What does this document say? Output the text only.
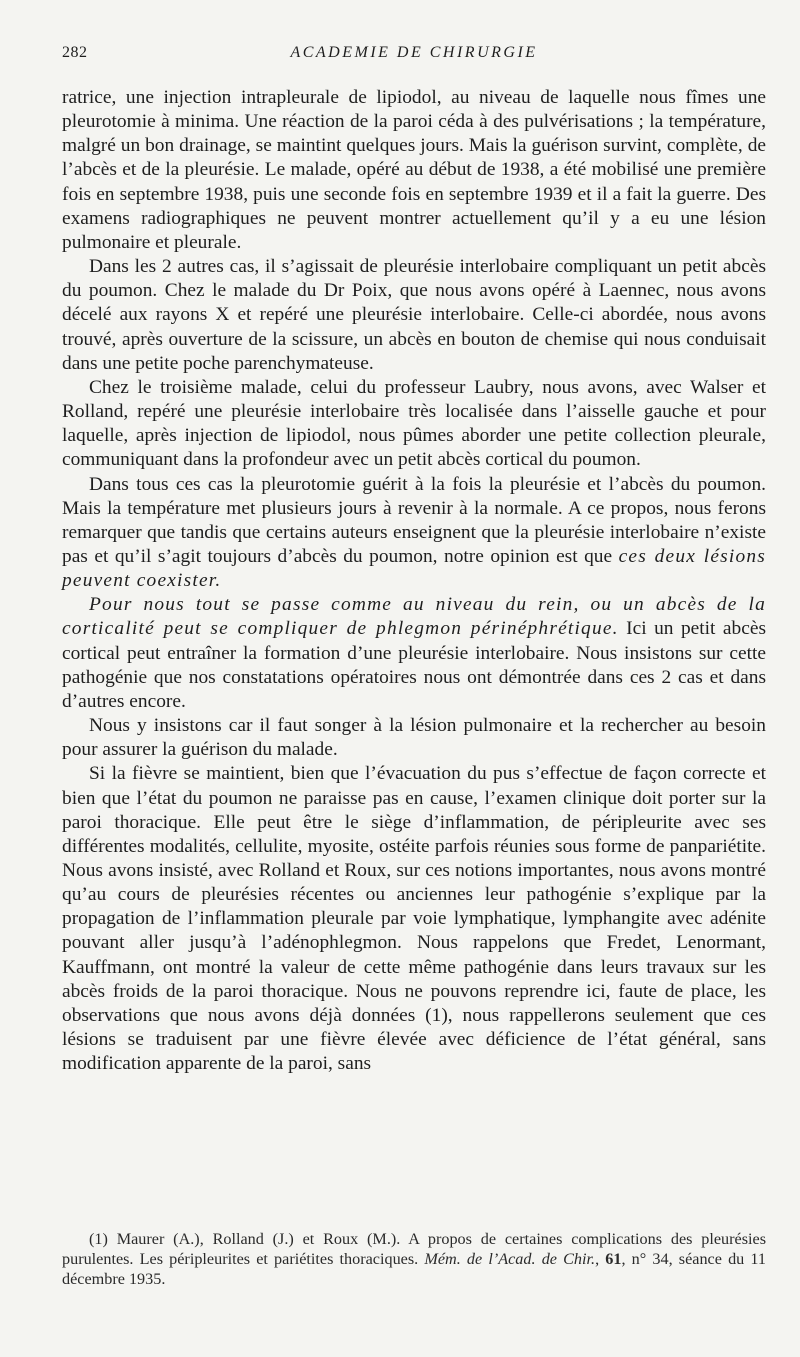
282	ACADEMIE DE CHIRURGIE

ratrice, une injection intrapleurale de lipiodol, au niveau de laquelle nous fîmes une pleurotomie à minima. Une réaction de la paroi céda à des pulvérisations ; la température, malgré un bon drainage, se maintint quelques jours. Mais la guérison survint, complète, de l’abcès et de la pleurésie. Le malade, opéré au début de 1938, a été mobilisé une première fois en septembre 1938, puis une seconde fois en septembre 1939 et il a fait la guerre. Des examens radiographiques ne peuvent montrer actuellement qu’il y a eu une lésion pulmonaire et pleurale.

Dans les 2 autres cas, il s’agissait de pleurésie interlobaire compliquant un petit abcès du poumon. Chez le malade du Dr Poix, que nous avons opéré à Laennec, nous avons décelé aux rayons X et repéré une pleurésie interlobaire. Celle-ci abordée, nous avons trouvé, après ouverture de la scissure, un abcès en bouton de chemise qui nous conduisait dans une petite poche parenchymateuse.

Chez le troisième malade, celui du professeur Laubry, nous avons, avec Walser et Rolland, repéré une pleurésie interlobaire très localisée dans l’aisselle gauche et pour laquelle, après injection de lipiodol, nous pûmes aborder une petite collection pleurale, communiquant dans la profondeur avec un petit abcès cortical du poumon.

Dans tous ces cas la pleurotomie guérit à la fois la pleurésie et l’abcès du poumon. Mais la température met plusieurs jours à revenir à la normale. A ce propos, nous ferons remarquer que tandis que certains auteurs enseignent que la pleurésie interlobaire n’existe pas et qu’il s’agit toujours d’abcès du poumon, notre opinion est que ces deux lésions peuvent coexister.

Pour nous tout se passe comme au niveau du rein, ou un abcès de la corticalité peut se compliquer de phlegmon périnéphrétique. Ici un petit abcès cortical peut entraîner la formation d’une pleurésie interlobaire. Nous insistons sur cette pathogénie que nos constatations opératoires nous ont démontrée dans ces 2 cas et dans d’autres encore.

Nous y insistons car il faut songer à la lésion pulmonaire et la rechercher au besoin pour assurer la guérison du malade.

Si la fièvre se maintient, bien que l’évacuation du pus s’effectue de façon correcte et bien que l’état du poumon ne paraisse pas en cause, l’examen clinique doit porter sur la paroi thoracique. Elle peut être le siège d’inflammation, de péripleurite avec ses différentes modalités, cellulite, myosite, ostéite parfois réunies sous forme de panpariétite. Nous avons insisté, avec Rolland et Roux, sur ces notions importantes, nous avons montré qu’au cours de pleurésies récentes ou anciennes leur pathogénie s’explique par la propagation de l’inflammation pleurale par voie lymphatique, lymphangite avec adénite pouvant aller jusqu’à l’adénophlegmon. Nous rappelons que Fredet, Lenormant, Kauffmann, ont montré la valeur de cette même pathogénie dans leurs travaux sur les abcès froids de la paroi thoracique. Nous ne pouvons reprendre ici, faute de place, les observations que nous avons déjà données (1), nous rappellerons seulement que ces lésions se traduisent par une fièvre élevée avec déficience de l’état général, sans modification apparente de la paroi, sans

(1) Maurer (A.), Rolland (J.) et Roux (M.). A propos de certaines complications des pleurésies purulentes. Les péripleurites et pariétites thoraciques. Mém. de l’Acad. de Chir., 61, n° 34, séance du 11 décembre 1935.
